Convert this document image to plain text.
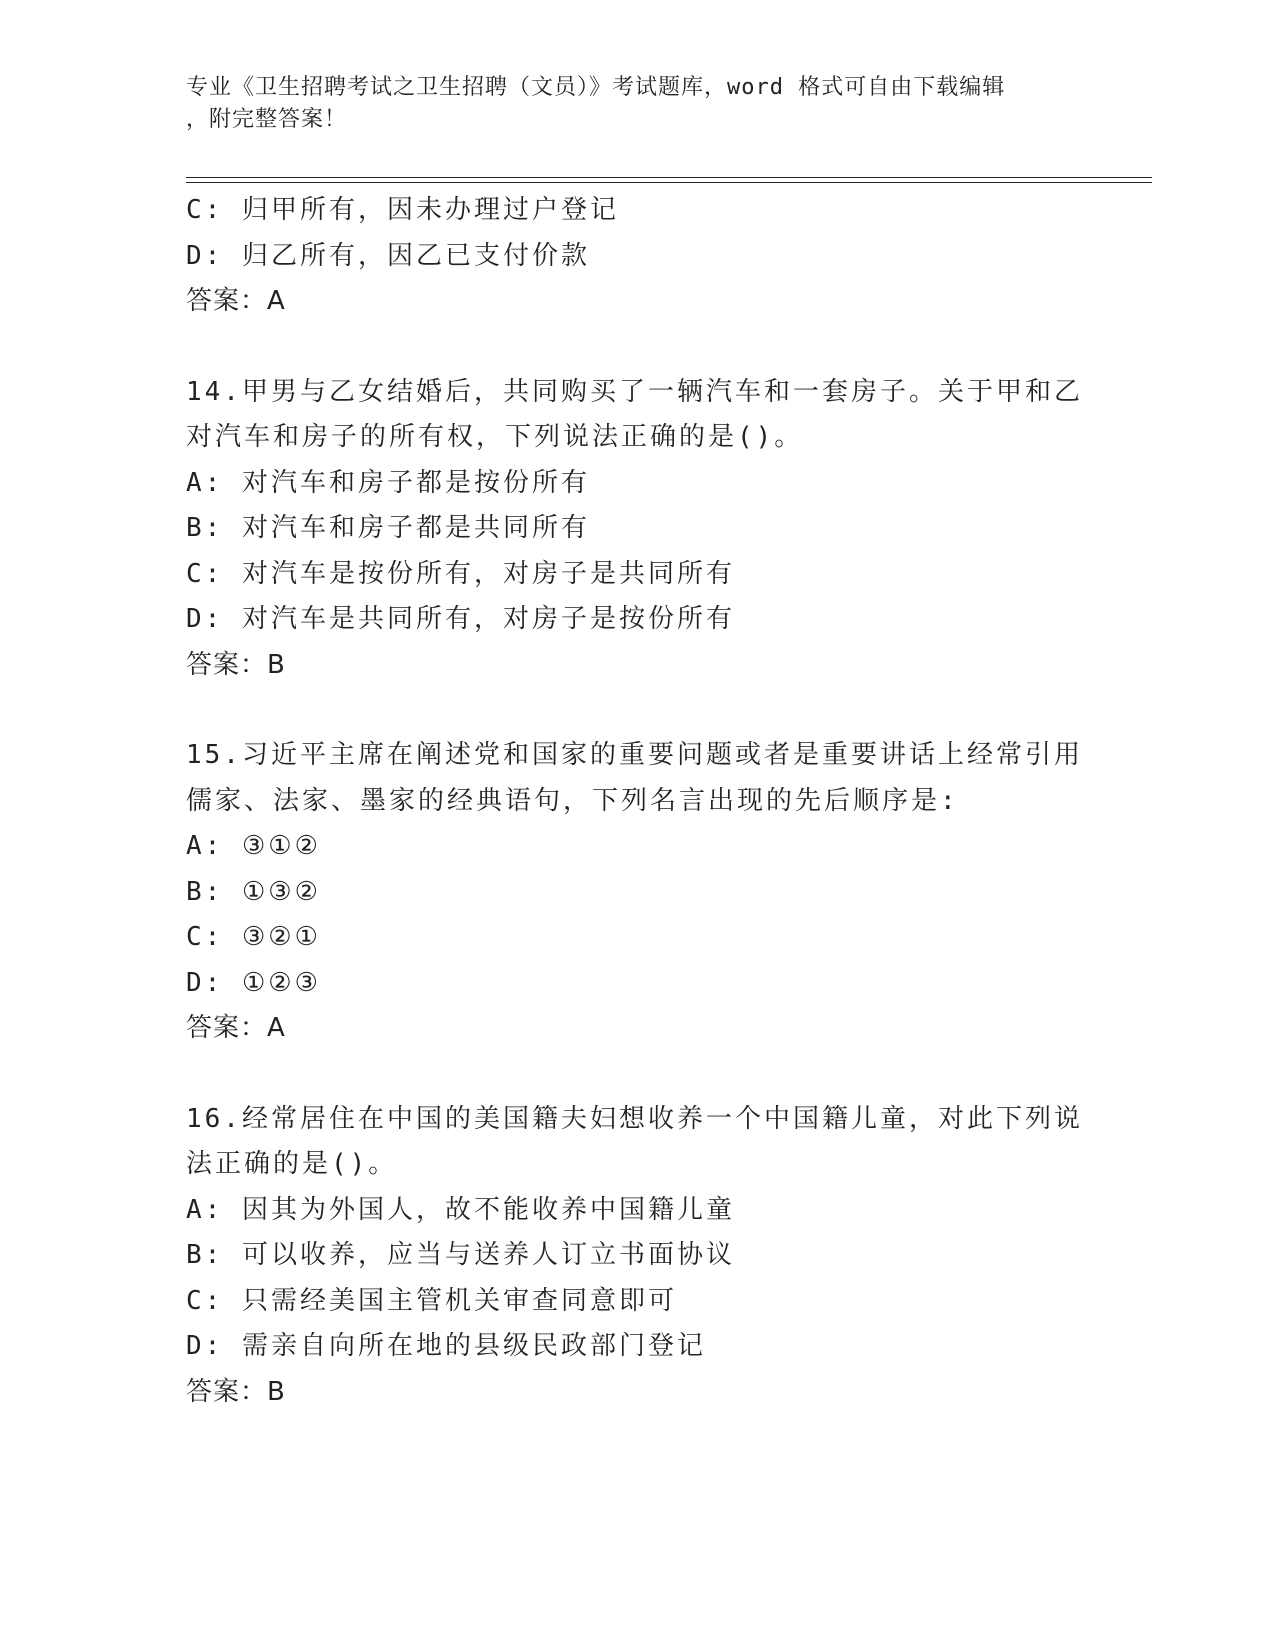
专业《卫生招聘考试之卫生招聘（文员）》考试题库，word 格式可自由下载编辑
，附完整答案！
C: 归甲所有，因未办理过户登记
D: 归乙所有，因乙已支付价款
答案：A
14.甲男与乙女结婚后，共同购买了一辆汽车和一套房子。关于甲和乙
对汽车和房子的所有权，下列说法正确的是()。
A: 对汽车和房子都是按份所有
B: 对汽车和房子都是共同所有
C: 对汽车是按份所有，对房子是共同所有
D: 对汽车是共同所有，对房子是按份所有
答案：B
15.习近平主席在阐述党和国家的重要问题或者是重要讲话上经常引用
儒家、法家、墨家的经典语句，下列名言出现的先后顺序是:
A: ③①②
B: ①③②
C: ③②①
D: ①②③
答案：A
16.经常居住在中国的美国籍夫妇想收养一个中国籍儿童，对此下列说
法正确的是()。
A: 因其为外国人，故不能收养中国籍儿童
B: 可以收养，应当与送养人订立书面协议
C: 只需经美国主管机关审查同意即可
D: 需亲自向所在地的县级民政部门登记
答案：B
